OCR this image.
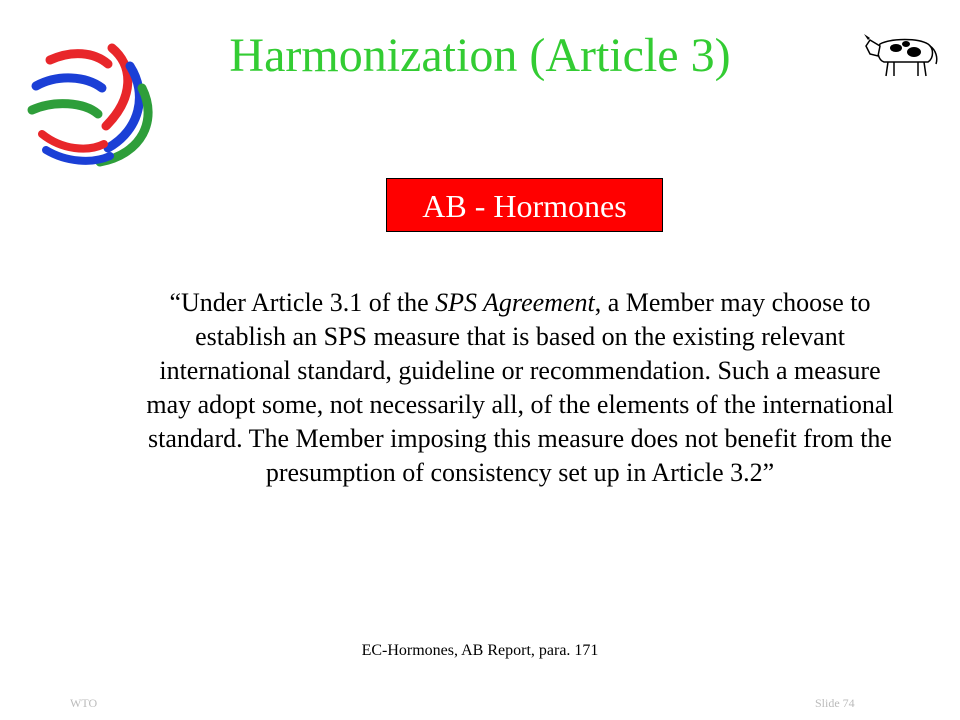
Harmonization (Article 3)
AB - Hormones
“Under Article 3.1 of the SPS Agreement, a Member may choose to establish an SPS measure that is based on the existing relevant international standard, guideline or recommendation. Such a measure may adopt some, not necessarily all, of the elements of the international standard. The Member imposing this measure does not benefit from the presumption of consistency set up in Article 3.2”
EC-Hormones, AB Report, para. 171
WTO	Slide 74
